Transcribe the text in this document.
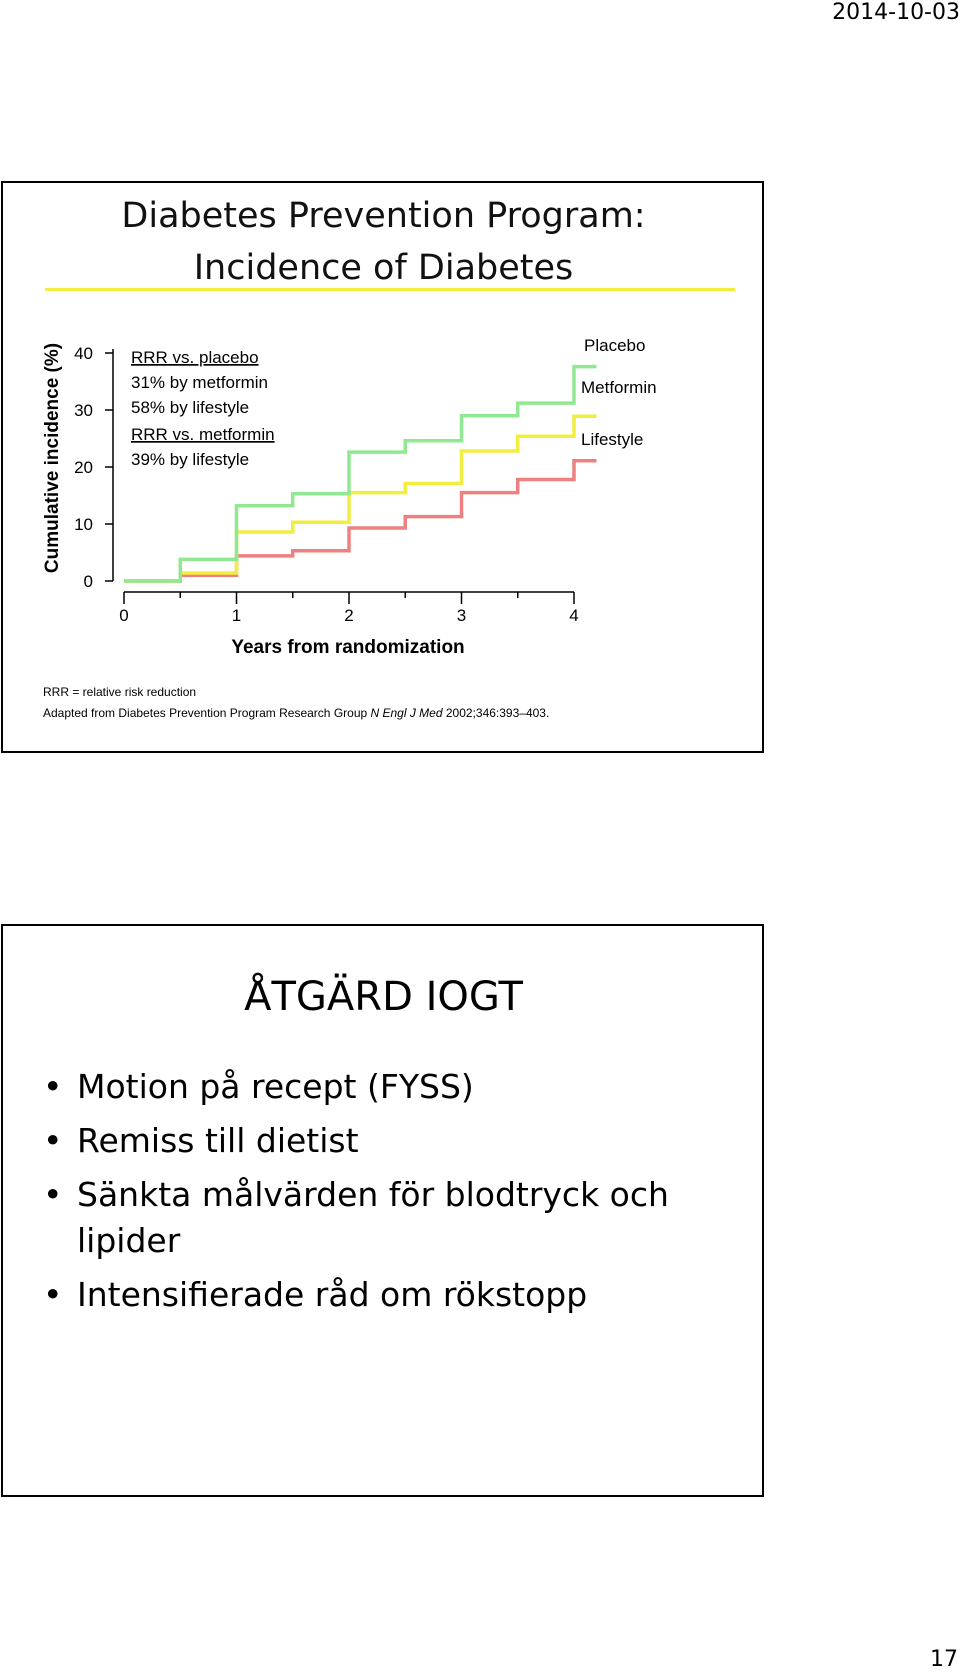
2014-10-03
Diabetes Prevention Program:
Incidence of Diabetes
0
10
20
30
40
0	1	2	3	4
Years from randomization
Cumulative incidence (%)	Placebo
Metformin
Lifestyle
RRR vs. placebo
31% by metformin
58% by lifestyle
RRR vs. metformin
39% by lifestyle
RRR = relative risk reduction
Adapted from Diabetes Prevention Program Research Group N Engl J Med 2002;346:393–403.
ÅTGÄRD IOGT
• Motion på recept (FYSS)
• Remiss till dietist
• Sänkta målvärden för blodtryck och lipider
• Intensifierade råd om rökstopp
17
